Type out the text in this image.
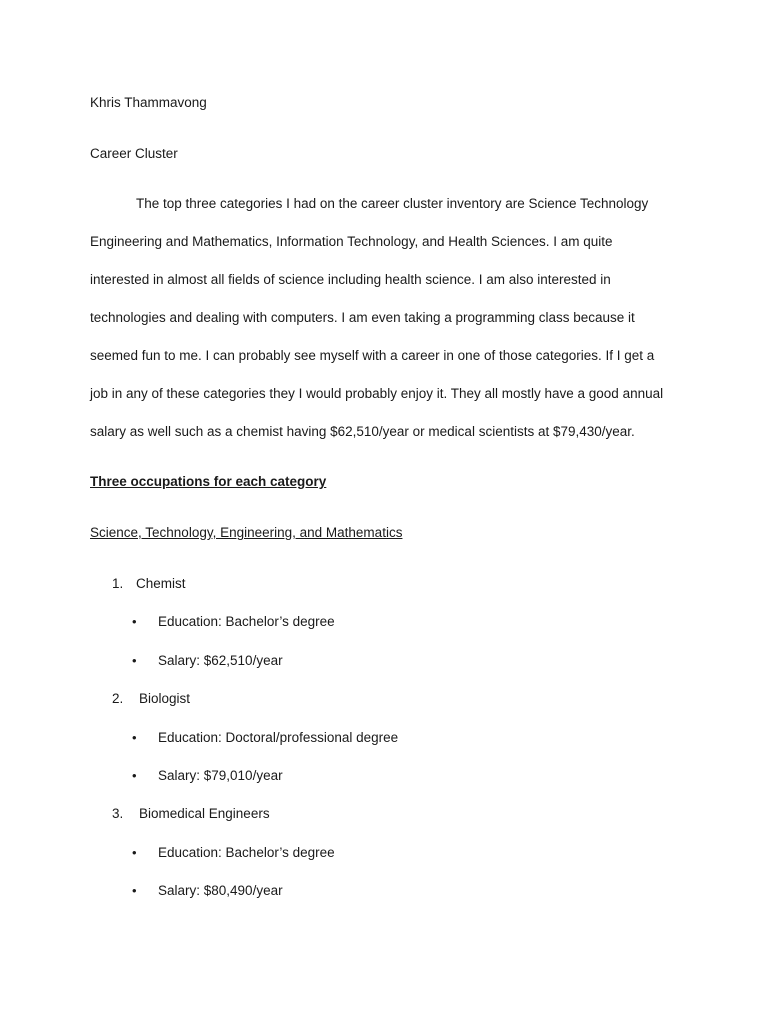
Khris Thammavong
Career Cluster
The top three categories I had on the career cluster inventory are Science Technology
Engineering and Mathematics, Information Technology, and Health Sciences. I am quite
interested in almost all fields of science including health science. I am also interested in
technologies and dealing with computers. I am even taking a programming class because it
seemed fun to me. I can probably see myself with a career in one of those categories. If I get a
job in any of these categories they I would probably enjoy it. They all mostly have a good annual
salary as well such as a chemist having $62,510/year or medical scientists at $79,430/year.
Three occupations for each category
Science, Technology, Engineering, and Mathematics
1. Chemist
• Education: Bachelor’s degree
• Salary: $62,510/year
2. Biologist
• Education: Doctoral/professional degree
• Salary: $79,010/year
3. Biomedical Engineers
• Education: Bachelor’s degree
• Salary: $80,490/year
